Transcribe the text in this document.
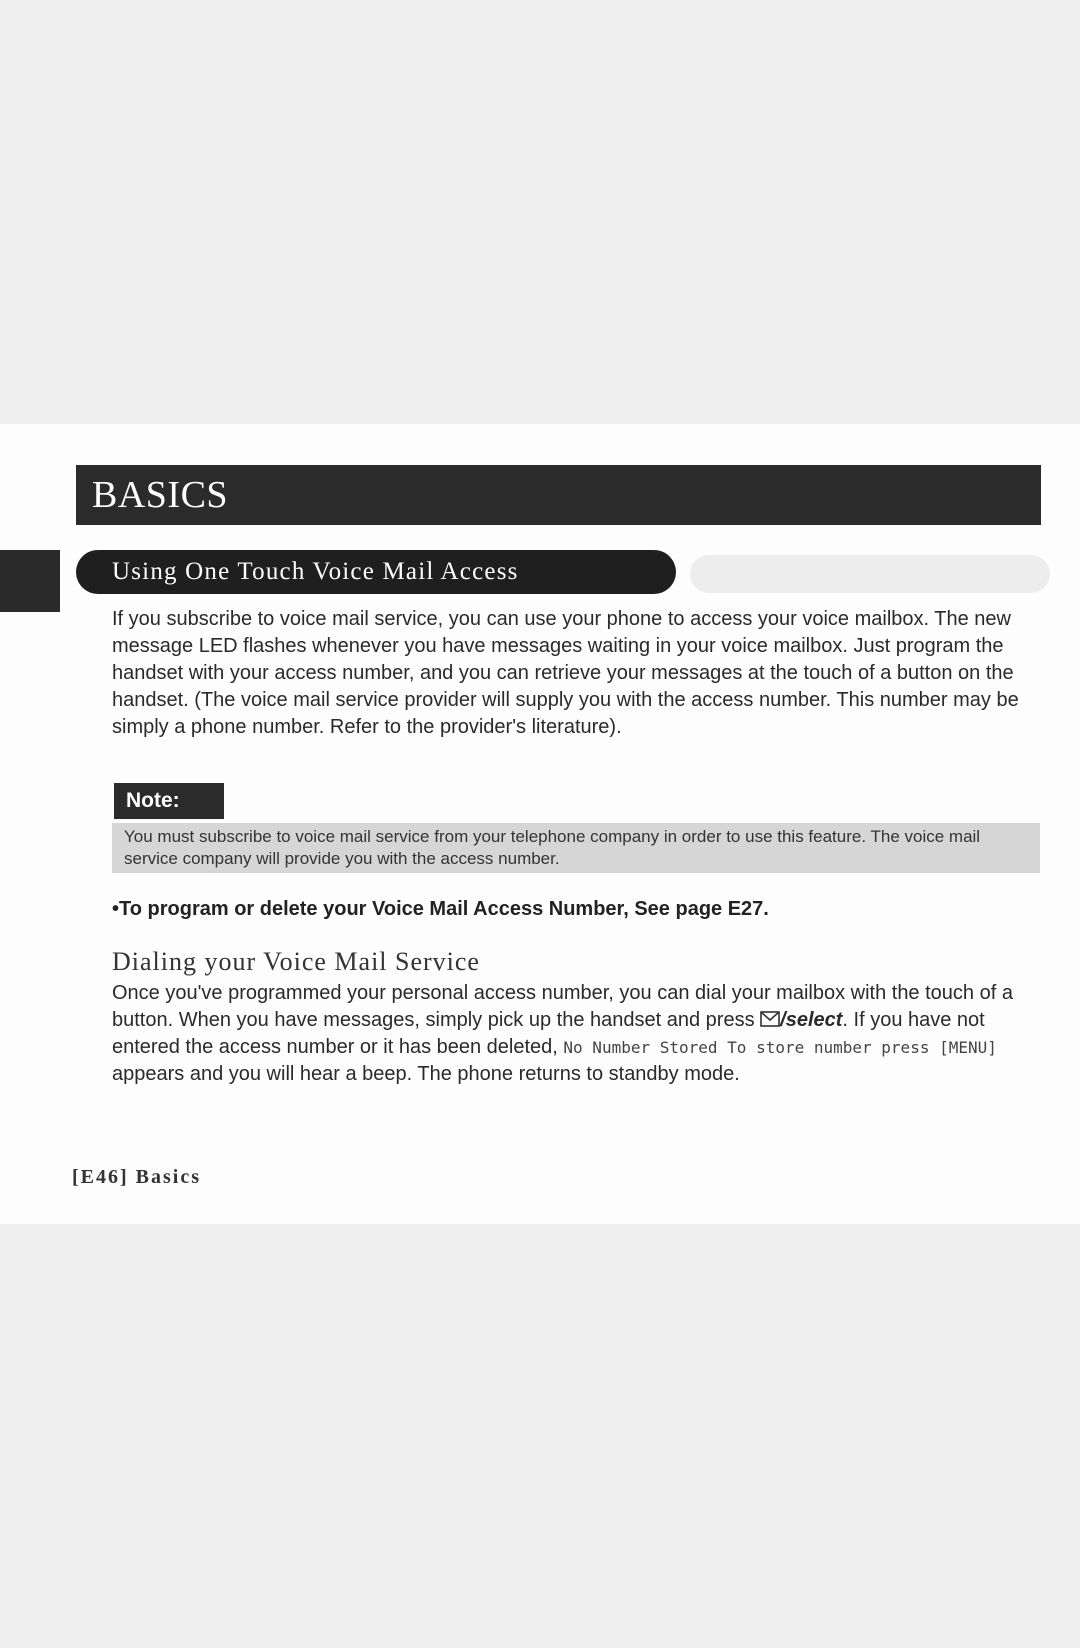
BASICS
Using One Touch Voice Mail Access

If you subscribe to voice mail service, you can use your phone to access your voice mailbox. The new message LED flashes whenever you have messages waiting in your voice mailbox. Just program the handset with your access number, and you can retrieve your messages at the touch of a button on the handset. (The voice mail service provider will supply you with the access number. This number may be simply a phone number. Refer to the provider's literature).

Note:
You must subscribe to voice mail service from your telephone company in order to use this feature. The voice mail service company will provide you with the access number.
•To program or delete your Voice Mail Access Number, See page E27.
Dialing your Voice Mail Service

Once you've programmed your personal access number, you can dial your mailbox with the touch of a button. When you have messages, simply pick up the handset and press /select. If you have not entered the access number or it has been deleted, No Number Stored To store number press [MENU] appears and you will hear a beep. The phone returns to standby mode.

[E46] Basics
